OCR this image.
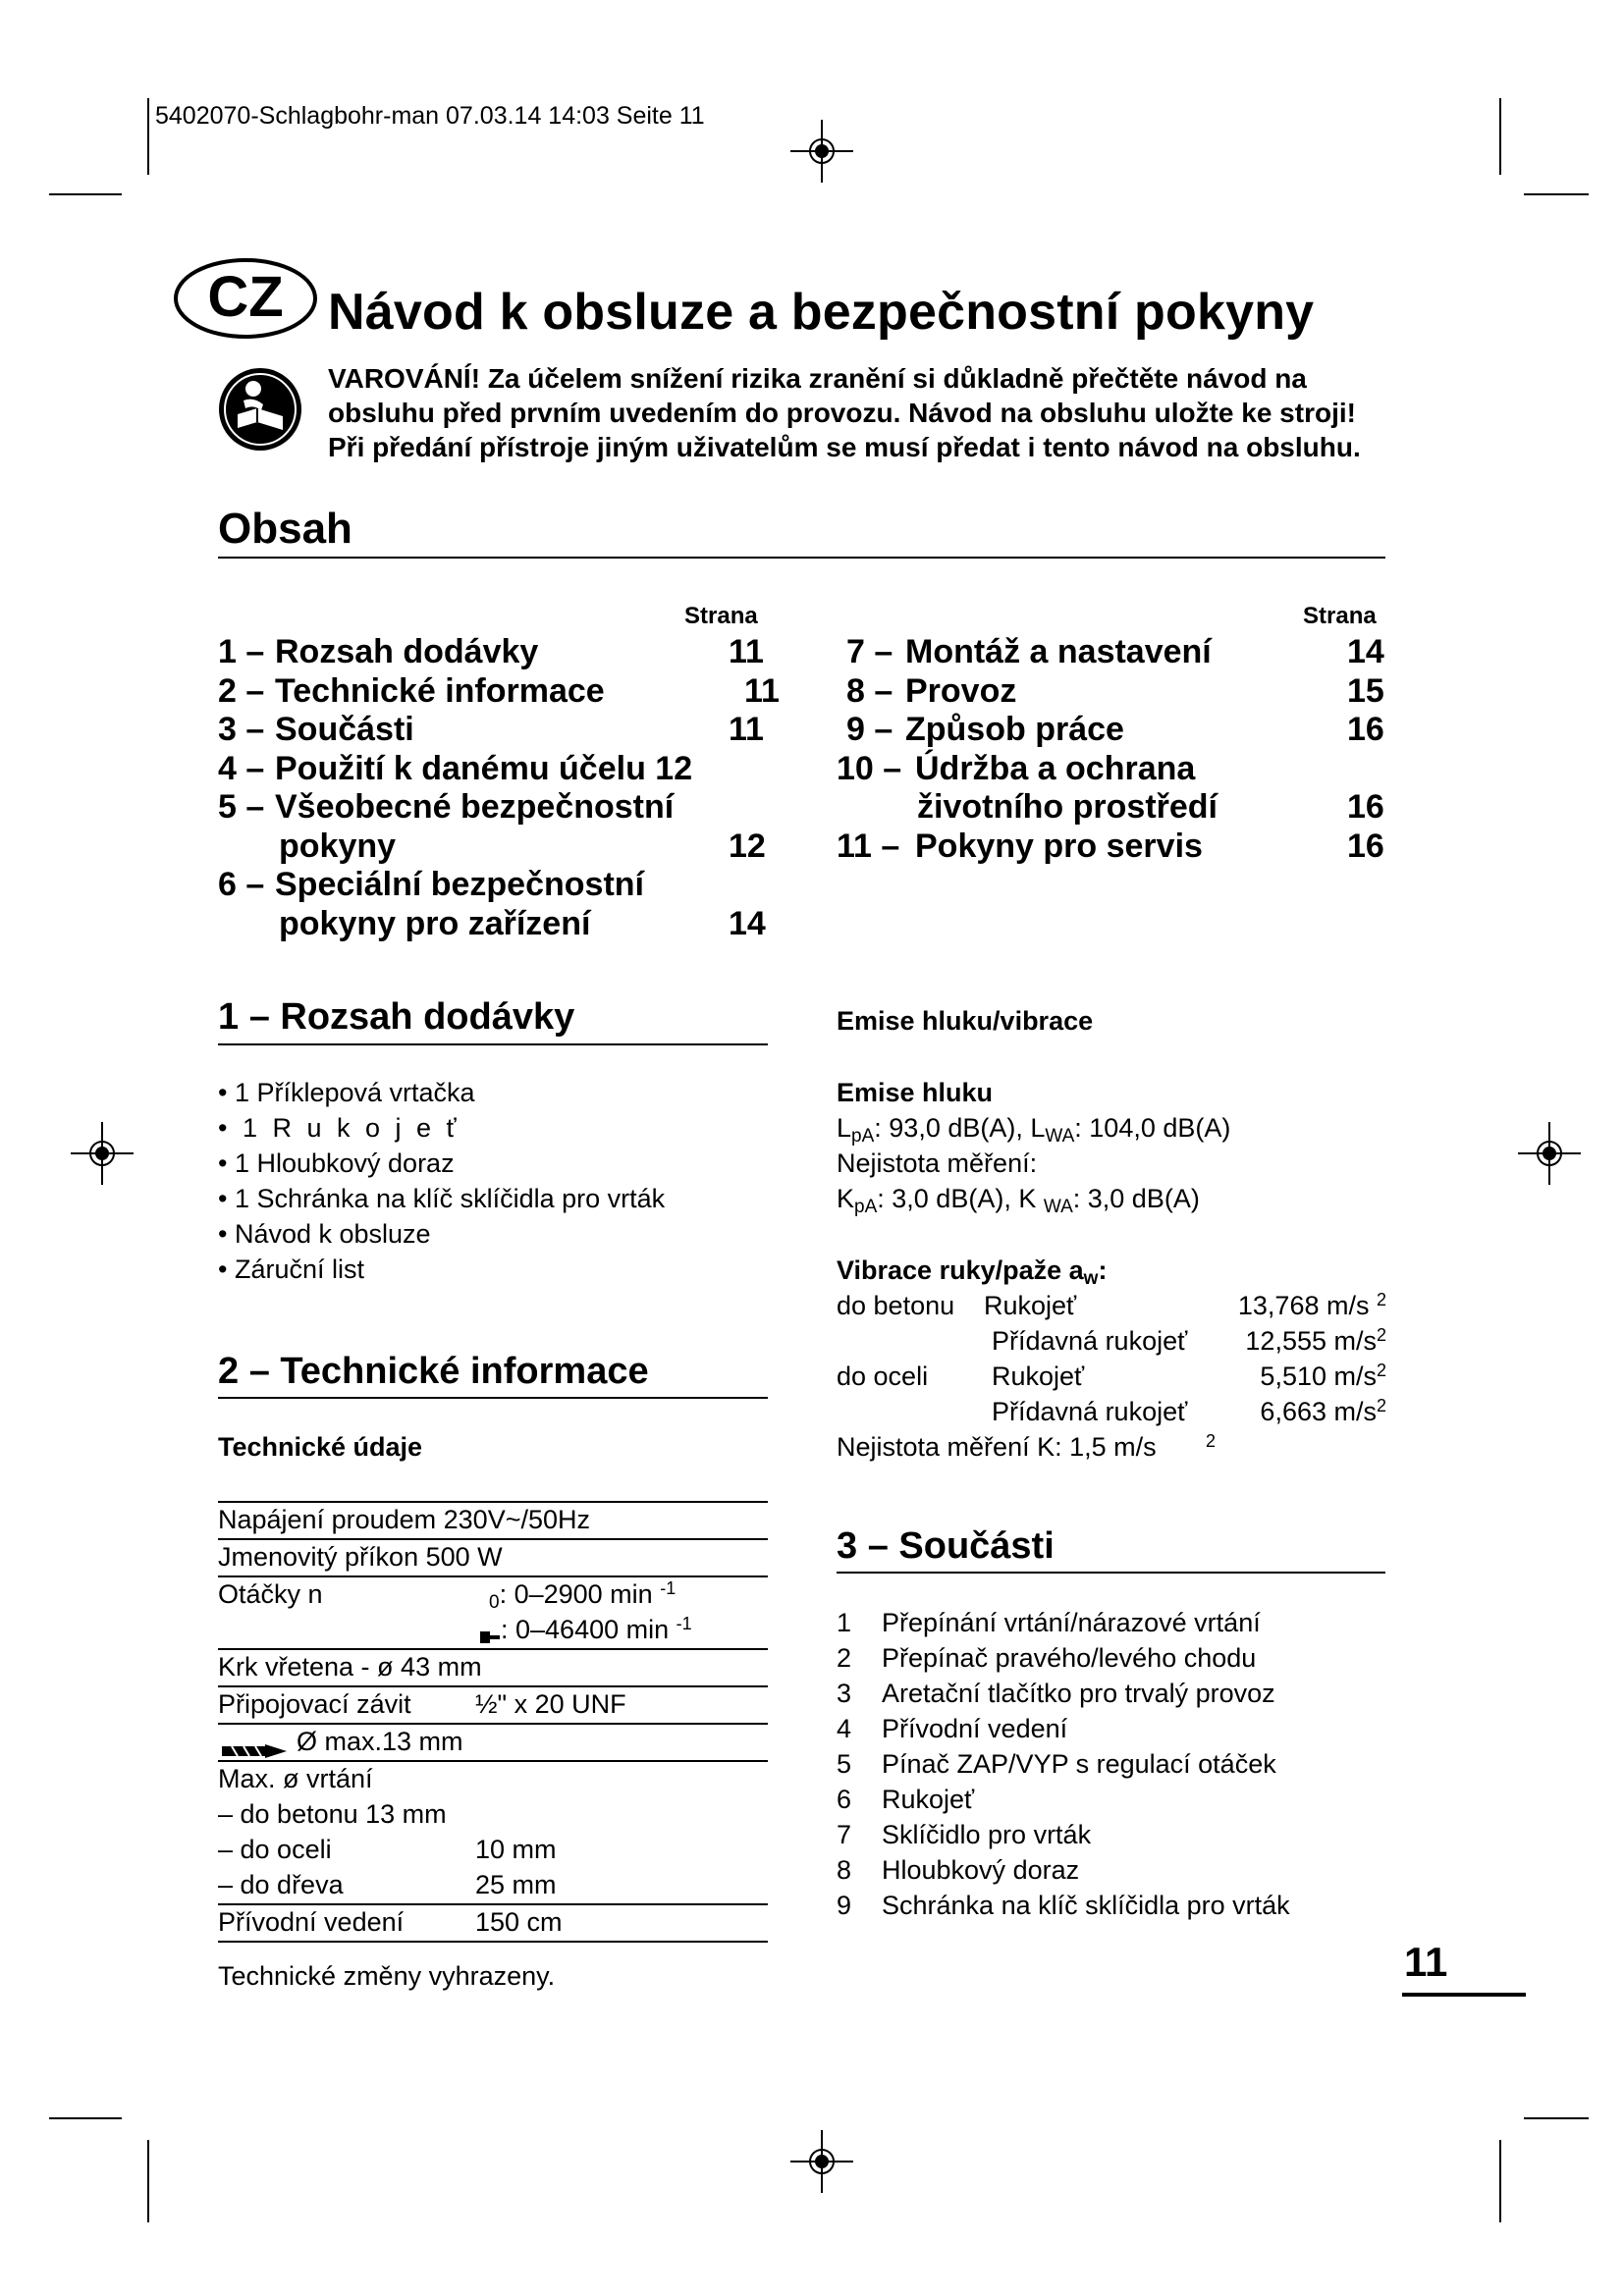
5402070-Schlagbohr-man 07.03.14 14:03 Seite 11
CZ Návod k obsluze a bezpečnostní pokyny
VAROVÁNÍ! Za účelem snížení rizika zranění si důkladně přečtěte návod na
obsluhu před prvním uvedením do provozu. Návod na obsluhu uložte ke stroji!
Při předání přístroje jiným uživatelům se musí předat i tento návod na obsluhu.
Obsah
Strana	Strana
1 – Rozsah dodávky	11
2 – Technické informace	11
3 – Součásti	11
4 – Použití k danému účelu 12
5 – Všeobecné bezpečnostní
pokyny	12
6 – Speciální bezpečnostní
pokyny pro zařízení	14
7 – Montáž a nastavení	14
8 – Provoz	15
9 – Způsob práce	16
10 – Údržba a ochrana
životního prostředí	16
11 – Pokyny pro servis	16
1 – Rozsah dodávky
• 1 Příklepová vrtačka
• 1 R u k o j e ť
• 1 Hloubkový doraz
• 1 Schránka na klíč sklíčidla pro vrták
• Návod k obsluze
• Záruční list
2 – Technické informace
Technické údaje
Napájení proudem 230V~/50Hz
Jmenovitý příkon 500 W
Otáčky n	$_0$: 0–2900 min $^{-1}$
: 0–46400 min $^{-1}$
Krk vřetena - ø 43 mm
Připojovací závit ½" x 20 UNF
Ø max.13 mm
Max. ø vrtání
– do betonu 13 mm
– do oceli	10 mm
– do dřeva	25 mm
Přívodní vedení	150 cm
Technické změny vyhrazeny.
Emise hluku/vibrace
Emise hluku
$L_{pA}$: 93,0 dB(A), $L_{WA}$: 104,0 dB(A)
Nejistota měření:
$K_{pA}$: 3,0 dB(A), K $_{WA}$: 3,0 dB(A)
Vibrace ruky/paže $a_w$:
do betonu Rukojeť	13,768 m/s $^2$
Přídavná rukojeť 12,555 $m/s^2$
do oceli Rukojeť	5,510 $m/s^2$
Přídavná rukojeť	6,663 $m/s^2$
Nejistota měření K: 1,5 m/s	$^2$
3 – Součásti
1 Přepínání vrtání/nárazové vrtání
2 Přepínač pravého/levého chodu
3 Aretační tlačítko pro trvalý provoz
4 Přívodní vedení
5 Pínač ZAP/VYP s regulací otáček
6 Rukojeť
7 Sklíčidlo pro vrták
8 Hloubkový doraz
9 Schránka na klíč sklíčidla pro vrták
11
